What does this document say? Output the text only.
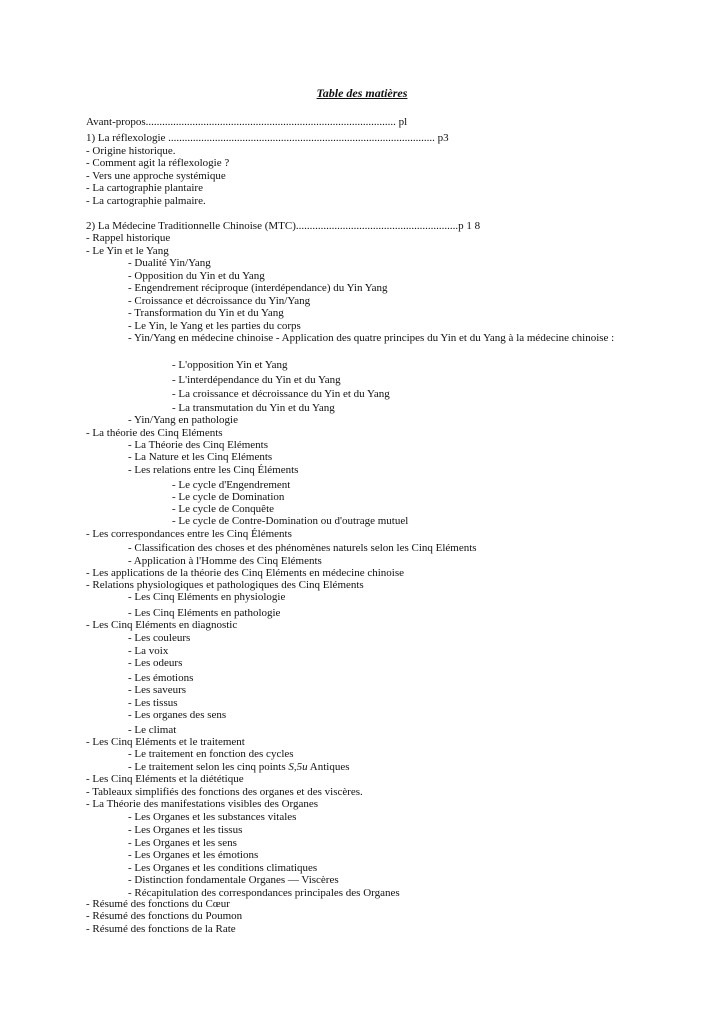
Table des matières
Avant-propos........................................................................................... pl
1) La réflexologie ................................................................................................. p3
- Origine historique.
- Comment agit la réflexologie ?
- Vers une approche systémique
- La cartographie plantaire
- La cartographie palmaire.
2) La Médecine Traditionnelle Chinoise (MTC)...........................................................p 1 8
- Rappel historique
- Le Yin et le Yang
- Dualité Yin/Yang
- Opposition du Yin et du Yang
- Engendrement réciproque (interdépendance) du Yin Yang
- Croissance et décroissance du Yin/Yang
- Transformation du Yin et du Yang
- Le Yin, le Yang et les parties du corps
- Yin/Yang en médecine chinoise - Application des quatre principes du Yin et du Yang à la médecine chinoise :
- L'opposition Yin et Yang
- L'interdépendance du Yin et du Yang
- La croissance et décroissance du Yin et du Yang
- La transmutation du Yin et du Yang
- Yin/Yang en pathologie
- La théorie des Cinq Eléments
- La Théorie des Cinq Eléments
- La Nature et les Cinq Eléments
- Les relations entre les Cinq Éléments
- Le cycle d'Engendrement
- Le cycle de Domination
- Le cycle de Conquête
- Le cycle de Contre-Domination ou d'outrage mutuel
- Les correspondances entre les Cinq Éléments
- Classification des choses et des phénomènes naturels selon les Cinq Eléments
- Application à l'Homme des Cinq Eléments
- Les applications de la théorie des Cinq Eléments en médecine chinoise
- Relations physiologiques et pathologiques des Cinq Eléments
- Les Cinq Eléments en physiologie
- Les Cinq Eléments en pathologie
- Les Cinq Eléments en diagnostic
- Les couleurs
- La voix
- Les odeurs
- Les émotions
- Les saveurs
- Les tissus
- Les organes des sens
- Le climat
- Les Cinq Eléments et le traitement
- Le traitement en fonction des cycles
- Le traitement selon les cinq points S,5u Antiques
- Les Cinq Eléments et la diététique
- Tableaux simplifiés des fonctions des organes et des viscères.
- La Théorie des manifestations visibles des Organes
- Les Organes et les substances vitales
- Les Organes et les tissus
- Les Organes et les sens
- Les Organes et les émotions
- Les Organes et les conditions climatiques
- Distinction fondamentale Organes — Viscères
- Récapitulation des correspondances principales des Organes
- Résumé des fonctions du Cœur
- Résumé des fonctions du Poumon
- Résumé des fonctions de la Rate
